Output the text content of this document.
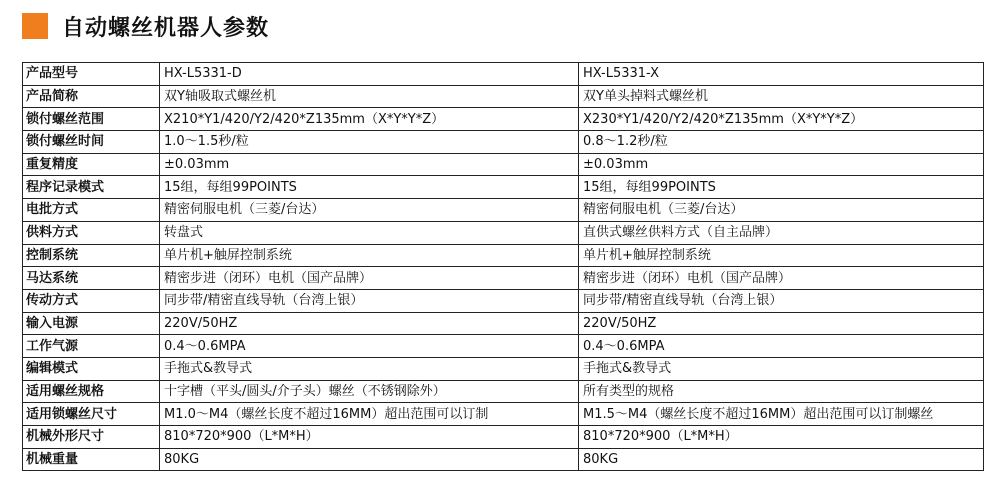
自动螺丝机器人参数
产品型号	HX-L5331-D	HX-L5331-X
产品简称	双Y轴吸取式螺丝机	双Y单头掉料式螺丝机
锁付螺丝范围	X210*Y1/420/Y2/420*Z135mm（X*Y*Y*Z）	X230*Y1/420/Y2/420*Z135mm（X*Y*Y*Z）
锁付螺丝时间	1.0～1.5秒/粒	0.8～1.2秒/粒
重复精度	±0.03mm	±0.03mm
程序记录模式	15组，每组99POINTS	15组，每组99POINTS
电批方式	精密伺服电机（三菱/台达）	精密伺服电机（三菱/台达）
供料方式	转盘式	直供式螺丝供料方式（自主品牌）
控制系统	单片机+触屏控制系统	单片机+触屏控制系统
马达系统	精密步进（闭环）电机（国产品牌）	精密步进（闭环）电机（国产品牌）
传动方式	同步带/精密直线导轨（台湾上银）	同步带/精密直线导轨（台湾上银）
输入电源	220V/50HZ	220V/50HZ
工作气源	0.4～0.6MPA	0.4～0.6MPA
编辑模式	手拖式&教导式	手拖式&教导式
适用螺丝规格	十字槽（平头/圆头/介子头）螺丝（不锈钢除外）	所有类型的规格
适用锁螺丝尺寸	M1.0～M4（螺丝长度不超过16MM）超出范围可以订制	M1.5～M4（螺丝长度不超过16MM）超出范围可以订制螺丝
机械外形尺寸	810*720*900（L*M*H）	810*720*900（L*M*H）
机械重量	80KG	80KG
